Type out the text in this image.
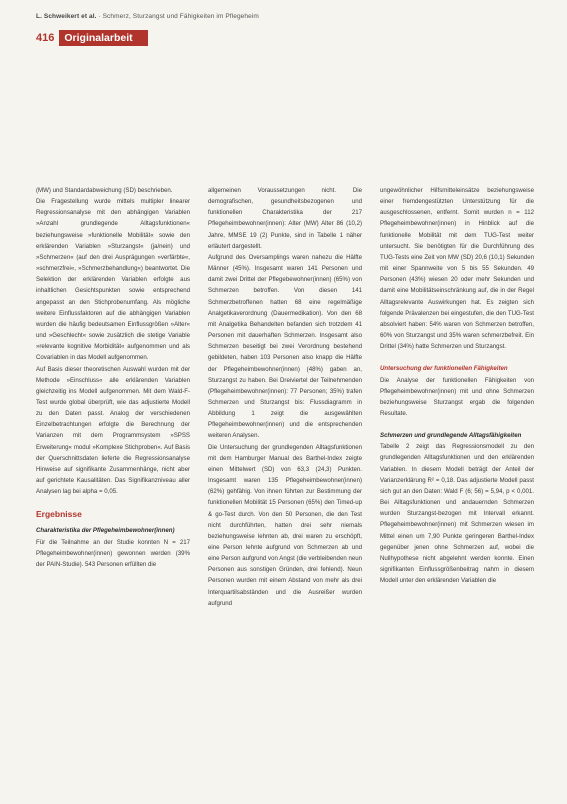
L. Schweikert et al. · Schmerz, Sturzangst und Fähigkeiten im Pflegeheim
416 Originalarbeit

(MW) und Standardabweichung (SD) beschrieben.

Die Fragestellung wurde mittels multipler linearer Regressionsanalyse mit den abhängigen Variablen »Anzahl grundlegende Alltagsfunktionen« beziehungsweise »funktionelle Mobilität« sowie den erklärenden Variablen »Sturzangst« (ja/nein) und »Schmerzen« (auf den drei Ausprägungen »verfärbte«, »schmerzfrei«, »Schmerzbehandlung«) beantwortet. Die Selektion der erklärenden Variablen erfolgte aus inhaltlichen Gesichtspunkten sowie entsprechend angepasst an den Stichprobenumfang. Als mögliche weitere Einflussfaktoren auf die abhängigen Variablen wurden die häufig bedeutsamen Einflussgrößen »Alter« und »Geschlecht« sowie zusätzlich die stetige Variable »relevante kognitive Morbidität« aufgenommen und als Covariablen in das Modell aufgenommen.

Auf Basis dieser theoretischen Auswahl wurden mit der Methode »Einschluss« alle erklärenden Variablen gleichzeitig ins Modell aufgenommen. Mit dem Wald-F-Test wurde global überprüft, wie das adjustierte Modell zu den Daten passt. Analog der verschiedenen Einzelbetrachtungen erfolgte die Berechnung der Varianzen mit dem Programmsystem »SPSS Erweiterung« modul »Komplexe Stichproben«. Auf Basis der Querschnittsdaten lieferte die Regressionsanalyse Hinweise auf signifikante Zusammenhänge, nicht aber auf gerichtete Kausalitäten. Das Signifikanzniveau aller Analysen lag bei alpha = 0,05.

Ergebnisse

Charakteristika der Pflegeheimbewohner(innen)

Für die Teilnahme an der Studie konnten N = 217 Pflegeheimbewohner(innen) gewonnen werden (39% der PAIN-Studie). 543 Personen erfüllten die

allgemeinen Voraussetzungen nicht. Die demografischen, gesundheitsbezogenen und funktionellen Charakteristika der 217 Pflegeheimbewohner(innen): Alter (MW) Alter 86 (10,2) Jahre, MMSE 19 (2) Punkte, sind in Tabelle 1 näher erläutert dargestellt.

Aufgrund des Oversamplings waren nahezu die Hälfte Männer (45%). Insgesamt waren 141 Personen und damit zwei Drittel der Pflegebewohner(innen) (65%) von Schmerzen betroffen. Von diesen 141 Schmerzbetroffenen hatten 68 eine regelmäßige Analgetikaverordnung (Dauermedikation). Von den 68 mit Analgetika Behandelten befanden sich trotzdem 41 Personen mit dauerhaften Schmerzen. Insgesamt also Schmerzen beseitigt bei zwei Verordnung bestehend gebildeten, haben 103 Personen also knapp die Hälfte der Pflegeheimbewohner(innen) (48%) gaben an, Sturzangst zu haben. Bei Dreiviertel der Teilnehmenden (Pflegeheimbewohner(innen): 77 Personen; 35%) trafen Schmerzen und Sturzangst bis: Flussdiagramm in Abbildung 1 zeigt die ausgewählten Pflegeheimbewohner(innen) und die entsprechenden weiteren Analysen.

Die Untersuchung der grundlegenden Alltagsfunktionen mit dem Hamburger Manual des Barthel-Index zeigte einen Mittelwert (SD) von 63,3 (24,3) Punkten. Insgesamt waren 135 Pflegeheimbewohner(innen) (62%) gehfähig. Von ihnen führten zur Bestimmung der funktionellen Mobilität 15 Personen (65%) den Timed-up & go-Test durch. Von den 50 Personen, die den Test nicht durchführten, hatten drei sehr niemals beziehungsweise lehnten ab, drei waren zu erschöpft, eine Person lehnte aufgrund von Schmerzen ab und eine Person aufgrund von Angst (die verbleibenden neun Personen aus sonstigen Gründen, drei fehlend). Neun Personen wurden mit einem Abstand von mehr als drei Interquartilsabständen und die Ausreißer wurden aufgrund

ungewöhnlicher Hilfsmitteleinsätze beziehungsweise einer fremdengestützten Unterstützung für die ausgeschlossenen, entfernt. Somit wurden n = 112 Pflegeheimbewohner(innen) in Hinblick auf die funktionelle Mobilität mit dem TUG-Test weiter untersucht. Sie benötigten für die Durchführung des TUG-Tests eine Zeit von MW (SD) 20,6 (10,1) Sekunden mit einer Spannweite von 5 bis 55 Sekunden. 49 Personen (43%) wiesen 20 oder mehr Sekunden und damit eine Mobilitätseinschränkung auf, die in der Regel Alltagsrelevante Auswirkungen hat. Es zeigten sich folgende Prävalenzen bei eingestufen, die den TUG-Test absolviert haben: 54% waren von Schmerzen betroffen, 60% von Sturzangst und 35% waren schmerzbefreit. Ein Drittel (34%) hatte Schmerzen und Sturzangst.

Untersuchung der funktionellen Fähigkeiten

Die Analyse der funktionellen Fähigkeiten von Pflegeheimbewohner(innen) mit und ohne Schmerzen beziehungsweise Sturzangst ergab die folgenden Resultate.

Schmerzen und grundlegende Alltagsfähigkeiten

Tabelle 2 zeigt das Regressionsmodell zu den grundlegenden Alltagsfunktionen und den erklärenden Variablen. In diesem Modell beträgt der Anteil der Varianzerklärung R² = 0,18. Das adjustierte Modell passt sich gut an den Daten: Wald F (6; 56) = 5,94, p < 0,001. Bei Alltagsfunktionen und andauernden Schmerzen wurden Sturzangst-bezogen mit Intervall erkannt. Pflegeheimbewohner(innen) mit Schmerzen wiesen im Mittel einen um 7,90 Punkte geringeren Barthel-Index gegenüber jenen ohne Schmerzen auf, wobei die Nullhypothese nicht abgelehnt werden konnte. Einen signifikanten Einflussgrößenbeitrag nahm in diesem Modell unter den erklärenden Variablen die
